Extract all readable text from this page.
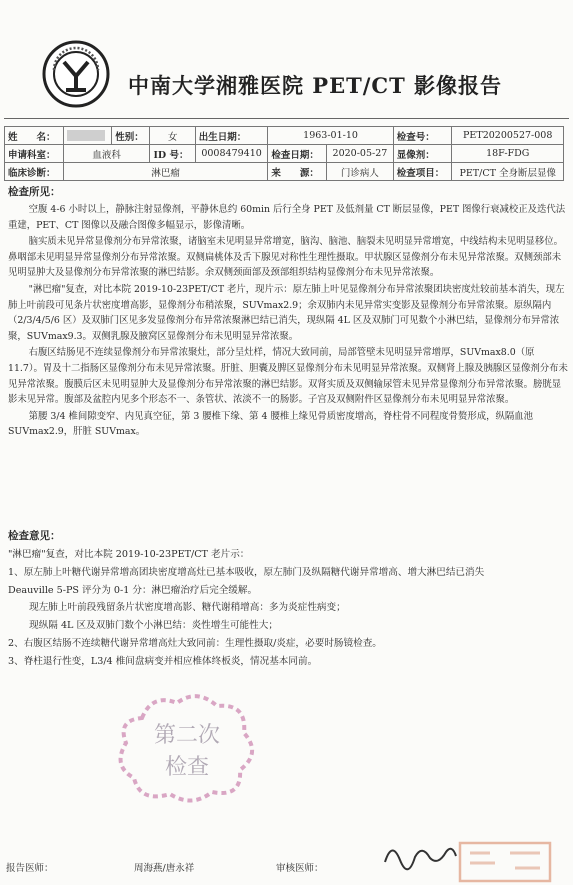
中南大学湘雅医院 PET/CT 影像报告
姓　　名：		性别：	女	出生日期：	1963-01-10		检查号：	PET20200527-008
申请科室：	血液科		ID 号：	0008479410	检查日期：	2020-05-27	显像剂：	18F-FDG
临床诊断：	淋巴瘤				来　　源：	门诊病人	检查项目：	PET/CT 全身断层显像
检查所见：

空腹 4-6 小时以上，静脉注射显像剂，平静休息约 60min 后行全身 PET 及低剂量 CT 断层显像，PET 图像行衰减校正及迭代法重建，PET、CT 图像以及融合图像多幅显示，影像清晰。

脑实质未见异常显像剂分布异常浓聚，诸脑室未见明显异常增宽，脑沟、脑池、脑裂未见明显异常增宽，中线结构未见明显移位。鼻咽部未见明显异常显像剂分布异常浓聚。双侧扁桃体及舌下腺见对称性生理性摄取。甲状腺区显像剂分布未见异常浓聚。双侧颈部未见明显肿大及显像剂分布异常浓聚的淋巴结影。余双侧颈面部及颈部组织结构显像剂分布未见异常浓聚。

"淋巴瘤"复查，对比本院 2019-10-23PET/CT 老片，现片示：原左肺上叶见显像剂分布异常浓聚团块密度灶较前基本消失，现左肺上叶前段可见条片状密度增高影，显像剂分布稍浓聚，SUVmax2.9；余双肺内未见异常实变影及显像剂分布异常浓聚。原纵隔内（2/3/4/5/6 区）及双肺门区见多发显像剂分布异常浓聚淋巴结已消失，现纵隔 4L 区及双肺门可见数个小淋巴结，显像剂分布异常浓聚，SUVmax9.3。双侧乳腺及腋窝区显像剂分布未见明显异常浓聚。

右腹区结肠见不连续显像剂分布异常浓聚灶，部分呈灶样，情况大致同前，局部管壁未见明显异常增厚，SUVmax8.0（原 11.7）。胃及十二指肠区显像剂分布未见异常浓聚。肝脏、胆囊及脾区显像剂分布未见明显异常浓聚。双侧肾上腺及胰腺区显像剂分布未见异常浓聚。腹膜后区未见明显肿大及显像剂分布异常浓聚的淋巴结影。双肾实质及双侧输尿管未见异常显像剂分布异常浓聚。膀胱显影未见异常。腹部及盆腔内见多个形态不一、条管状、浓淡不一的肠影。子宫及双侧附件区显像剂分布未见明显异常浓聚。

第腰 3/4 椎间隙变窄、内见真空征，第 3 腰椎下缘、第 4 腰椎上缘见骨质密度增高，脊柱骨不同程度骨赘形成，纵隔血池 SUVmax2.9，肝脏 SUVmax。

检查意见：
"淋巴瘤"复查，对比本院 2019-10-23PET/CT 老片示：
1、原左肺上叶糖代谢异常增高团块密度增高灶已基本吸收，原左肺门及纵隔糖代谢异常增高、增大淋巴结已消失
Deauville 5-PS 评分为 0-1 分：淋巴瘤治疗后完全缓解。
现左肺上叶前段残留条片状密度增高影、糖代谢稍增高：多为炎症性病变；
现纵隔 4L 区及双肺门数个小淋巴结：炎性增生可能性大；
2、右腹区结肠不连续糖代谢异常增高灶大致同前：生理性摄取/炎症，必要时肠镜检查。
3、脊柱退行性变，L3/4 椎间盘病变并相应椎体终板炎，情况基本同前。
第二次
检查
报告医师：	周海燕/唐永祥	审核医师：
